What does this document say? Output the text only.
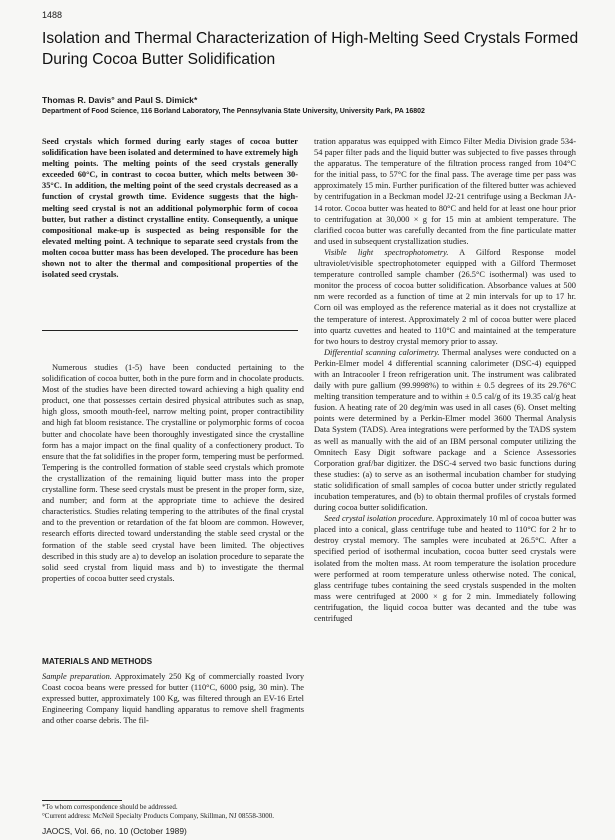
1488
Isolation and Thermal Characterization of High-Melting Seed Crystals Formed During Cocoa Butter Solidification
Thomas R. Davis° and Paul S. Dimick*
Department of Food Science, 116 Borland Laboratory, The Pennsylvania State University, University Park, PA 16802
Seed crystals which formed during early stages of cocoa butter solidification have been isolated and determined to have extremely high melting points. The melting points of the seed crystals generally exceeded 60°C, in contrast to cocoa butter, which melts between 30-35°C. In addition, the melting point of the seed crystals decreased as a function of crystal growth time. Evidence suggests that the high-melting seed crystal is not an additional polymorphic form of cocoa butter, but rather a distinct crystalline entity. Consequently, a unique compositional make-up is suspected as being responsible for the elevated melting point. A technique to separate seed crystals from the molten cocoa butter mass has been developed. The procedure has been shown not to alter the thermal and compositional properties of the isolated seed crystals.

Numerous studies (1-5) have been conducted pertaining to the solidification of cocoa butter, both in the pure form and in chocolate products. Most of the studies have been directed toward achieving a high quality end product, one that possesses certain desired physical attributes such as snap, high gloss, smooth mouth-feel, narrow melting point, proper contractibility and high fat bloom resistance. The crystalline or polymorphic forms of cocoa butter and chocolate have been thoroughly investigated since the crystalline form has a major impact on the final quality of a confectionery product. To ensure that the fat solidifies in the proper form, tempering must be performed. Tempering is the controlled formation of stable seed crystals which promote the crystallization of the remaining liquid butter mass into the proper crystalline form. These seed crystals must be present in the proper form, size, and number; and form at the appropriate time to achieve the desired characteristics. Studies relating tempering to the attributes of the final crystal and to the prevention or retardation of the fat bloom are common. However, research efforts directed toward understanding the stable seed crystal or the formation of the stable seed crystal have been limited. The objectives described in this study are a) to develop an isolation procedure to separate the solid seed crystal from liquid mass and b) to investigate the thermal properties of cocoa butter seed crystals.

MATERIALS AND METHODS

Sample preparation. Approximately 250 Kg of commercially roasted Ivory Coast cocoa beans were pressed for butter (110°C, 6000 psig, 30 min). The expressed butter, approximately 100 Kg, was filtered through an EV-16 Ertel Engineering Company liquid handling apparatus to remove shell fragments and other coarse debris. The fil-

*To whom correspondence should be addressed.
°Current address: McNeil Specialty Products Company, Skillman, NJ 08558-3000.

tration apparatus was equipped with Eimco Filter Media Division grade 534-54 paper filter pads and the liquid butter was subjected to five passes through the apparatus. The temperature of the filtration process ranged from 104°C for the initial pass, to 57°C for the final pass. The average time per pass was approximately 15 min. Further purification of the filtered butter was achieved by centrifugation in a Beckman model J2-21 centrifuge using a Beckman JA-14 rotor. Cocoa butter was heated to 80°C and held for at least one hour prior to centrifugation at 30,000 × g for 15 min at ambient temperature. The clarified cocoa butter was carefully decanted from the fine particulate matter and used in subsequent crystallization studies.

Visible light spectrophotometry. A Gilford Response model ultraviolet/visible spectrophotometer equipped with a Gilford Thermoset temperature controlled sample chamber (26.5°C isothermal) was used to monitor the process of cocoa butter solidification. Absorbance values at 500 nm were recorded as a function of time at 2 min intervals for up to 17 hr. Corn oil was employed as the reference material as it does not crystallize at the temperature of interest. Approximately 2 ml of cocoa butter were placed into quartz cuvettes and heated to 110°C and maintained at the temperature for two hours to destroy crystal memory prior to assay.

Differential scanning calorimetry. Thermal analyses were conducted on a Perkin-Elmer model 4 differential scanning calorimeter (DSC-4) equipped with an Intracooler I freon refrigeration unit. The instrument was calibrated daily with pure gallium (99.9998%) to within ± 0.5 degrees of its 29.76°C melting transition temperature and to within ± 0.5 cal/g of its 19.35 cal/g heat fusion. A heating rate of 20 deg/min was used in all cases (6). Onset melting points were determined by a Perkin-Elmer model 3600 Thermal Analysis Data System (TADS). Area integrations were performed by the TADS system as well as manually with the aid of an IBM personal computer utilizing the Omnitech Easy Digit software package and a Science Assessories Corporation graf/bar digitizer. the DSC-4 served two basic functions during these studies: (a) to serve as an isothermal incubation chamber for studying static solidification of small samples of cocoa butter under strictly regulated incubation temperatures, and (b) to obtain thermal profiles of crystals formed during cocoa butter solidification.

Seed crystal isolation procedure. Approximately 10 ml of cocoa butter was placed into a conical, glass centrifuge tube and heated to 110°C for 2 hr to destroy crystal memory. The samples were incubated at 26.5°C. After a specified period of isothermal incubation, cocoa butter seed crystals were isolated from the molten mass. At room temperature the isolation procedure were performed at room temperature unless otherwise noted. The conical, glass centrifuge tubes containing the seed crystals suspended in the molten mass were centrifuged at 2000 × g for 2 min. Immediately following centrifugation, the liquid cocoa butter was decanted and the tube was centrifuged

JAOCS, Vol. 66, no. 10 (October 1989)
